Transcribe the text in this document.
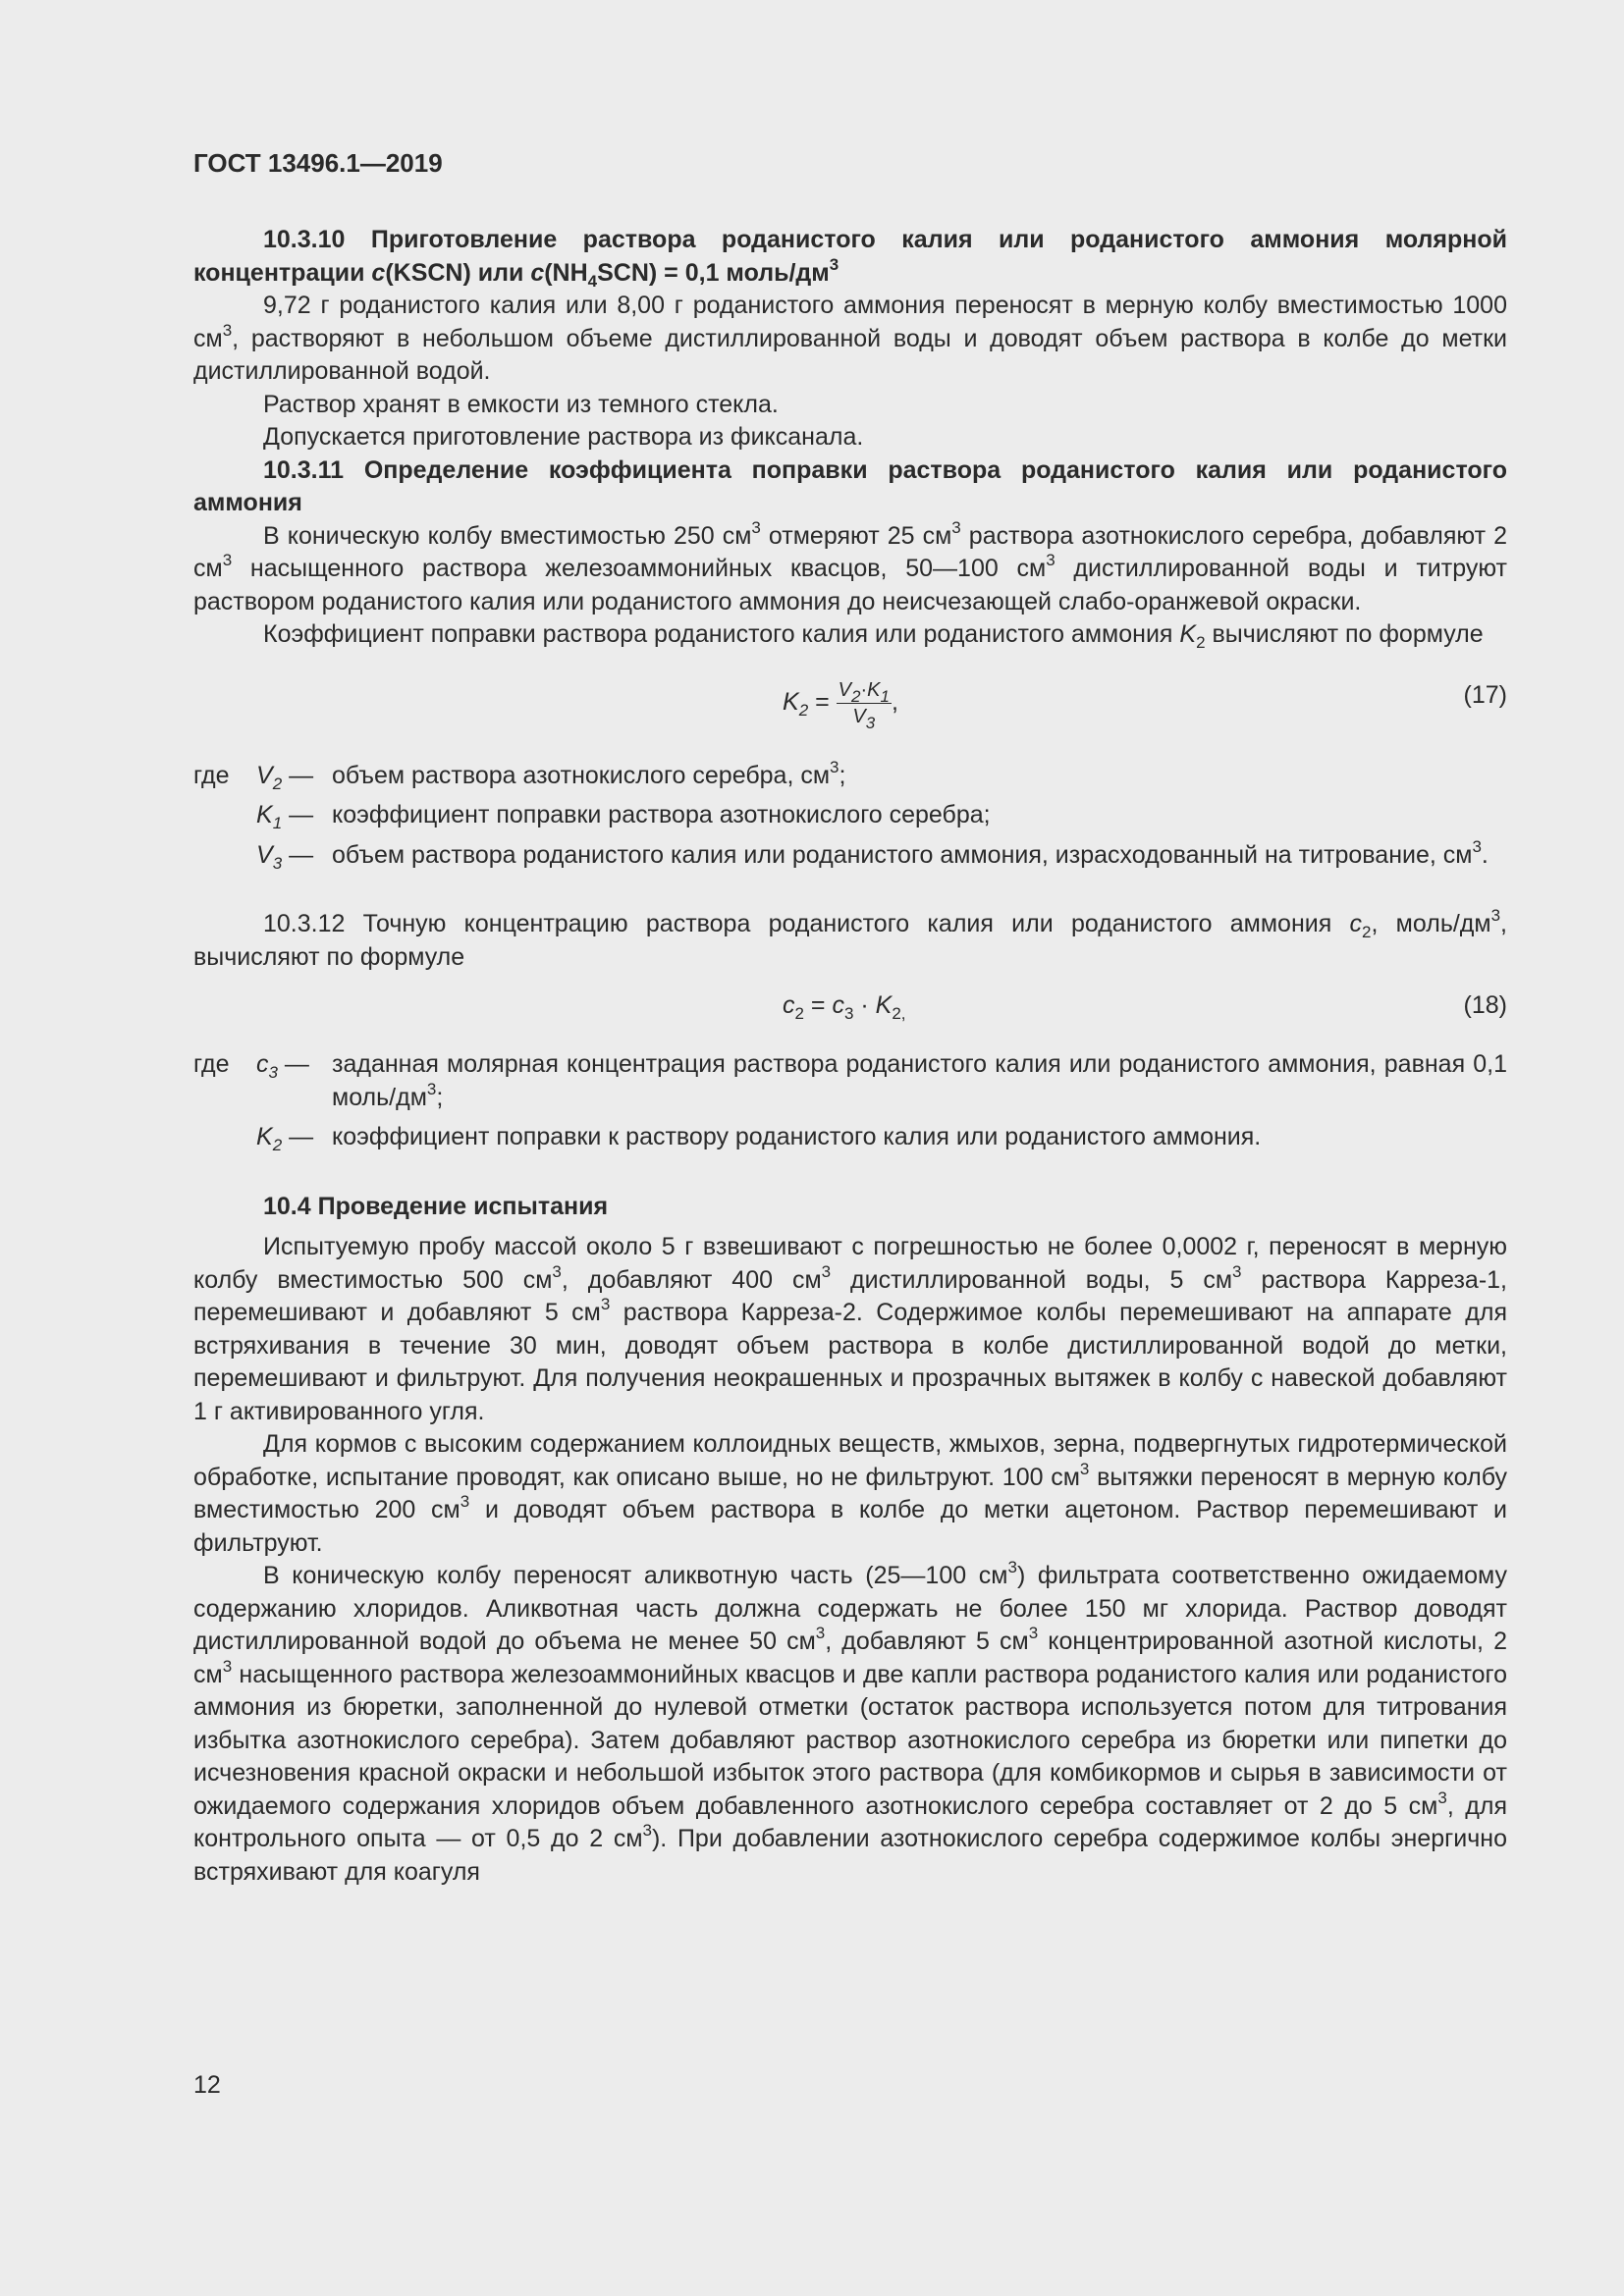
ГОСТ 13496.1—2019

10.3.10 Приготовление раствора роданистого калия или роданистого аммония молярной концентрации c(KSCN) или $c(NH_4SCN) = 0,1$ моль/$дм^3$

9,72 г роданистого калия или 8,00 г роданистого аммония переносят в мерную колбу вместимостью 1000 $см^3$, растворяют в небольшом объеме дистиллированной воды и доводят объем раствора в колбе до метки дистиллированной водой.

Раствор хранят в емкости из темного стекла.

Допускается приготовление раствора из фиксанала.

10.3.11 Определение коэффициента поправки раствора роданистого калия или роданистого аммония

В коническую колбу вместимостью 250 $см^3$ отмеряют 25 $см^3$ раствора азотнокислого серебра, добавляют 2 $см^3$ насыщенного раствора железоаммонийных квасцов, 50—100 $см^3$ дистиллированной воды и титруют раствором роданистого калия или роданистого аммония до неисчезающей слабо-оранжевой окраски.

Коэффициент поправки раствора роданистого калия или роданистого аммония $K_2$ вычисляют по формуле

$K_2 = \frac{V_2\cdot K_1}{V_3}$ ,	(17)
где $V_2$ — объем раствора азотнокислого серебра, $см^3$;
$K_1$ — коэффициент поправки раствора азотнокислого серебра;
$V_3$ — объем раствора роданистого калия или роданистого аммония, израсходованный на титрование, $см^3$.

10.3.12 Точную концентрацию раствора роданистого калия или роданистого аммония $c_2$, моль/$дм^3$, вычисляют по формуле

$c_2 = c_3 \cdot K_{2,}$	(18)
где $c_3$ — заданная молярная концентрация раствора роданистого калия или роданистого аммония, равная 0,1 моль/$дм^3$;
$K_2$ — коэффициент поправки к раствору роданистого калия или роданистого аммония.

10.4 Проведение испытания

Испытуемую пробу массой около 5 г взвешивают с погрешностью не более 0,0002 г, переносят в мерную колбу вместимостью 500 $см^3$, добавляют 400 $см^3$ дистиллированной воды, 5 $см^3$ раствора Карреза-1, перемешивают и добавляют 5 $см^3$ раствора Карреза-2. Содержимое колбы перемешивают на аппарате для встряхивания в течение 30 мин, доводят объем раствора в колбе дистиллированной водой до метки, перемешивают и фильтруют. Для получения неокрашенных и прозрачных вытяжек в колбу с навеской добавляют 1 г активированного угля.

Для кормов с высоким содержанием коллоидных веществ, жмыхов, зерна, подвергнутых гидротермической обработке, испытание проводят, как описано выше, но не фильтруют. 100 $см^3$ вытяжки переносят в мерную колбу вместимостью 200 $см^3$ и доводят объем раствора в колбе до метки ацетоном. Раствор перемешивают и фильтруют.

В коническую колбу переносят аликвотную часть (25—100 $см^3$) фильтрата соответственно ожидаемому содержанию хлоридов. Аликвотная часть должна содержать не более 150 мг хлорида. Раствор доводят дистиллированной водой до объема не менее 50 $см^3$, добавляют 5 $см^3$ концентрированной азотной кислоты, 2 $см^3$ насыщенного раствора железоаммонийных квасцов и две капли раствора роданистого калия или роданистого аммония из бюретки, заполненной до нулевой отметки (остаток раствора используется потом для титрования избытка азотнокислого серебра). Затем добавляют раствор азотнокислого серебра из бюретки или пипетки до исчезновения красной окраски и небольшой избыток этого раствора (для комбикормов и сырья в зависимости от ожидаемого содержания хлоридов объем добавленного азотнокислого серебра составляет от 2 до 5 $см^3$, для контрольного опыта — от 0,5 до 2 $см^3$). При добавлении азотнокислого серебра содержимое колбы энергично встряхивают для коагуля

12
